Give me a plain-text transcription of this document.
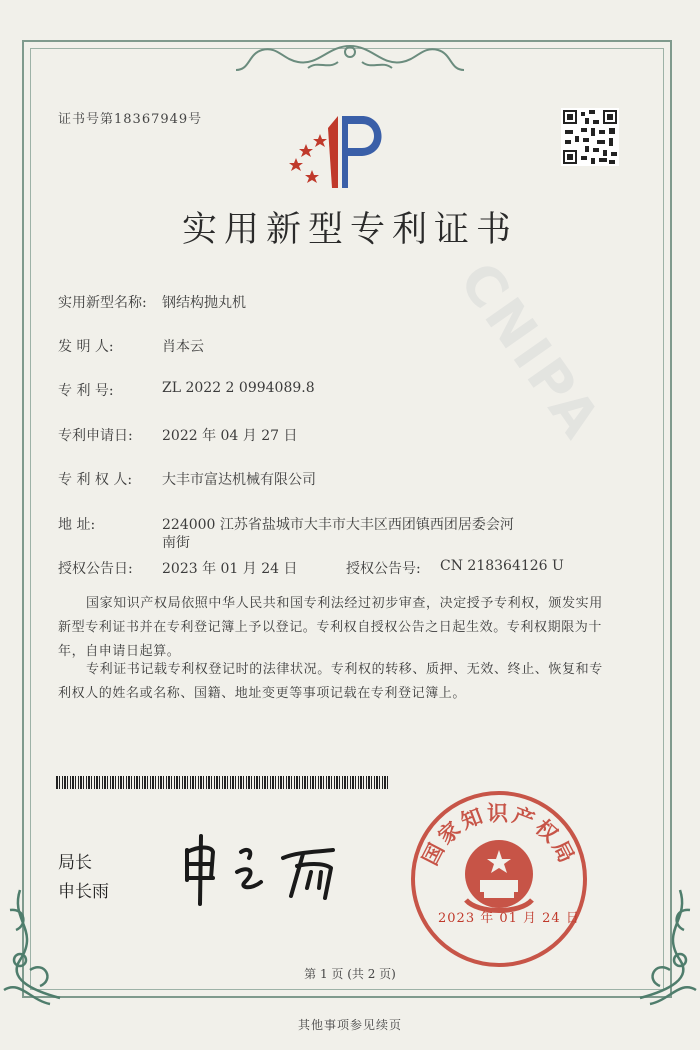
证书号第18367949号
CNIPA
实用新型专利证书
实用新型名称: 钢结构抛丸机
发 明 人:	肖本云
专 利 号:	ZL 2022 2 0994089.8
专利申请日: 2022 年 04 月 27 日
专 利 权 人: 大丰市富达机械有限公司
地 址:	224000 江苏省盐城市大丰市大丰区西团镇西团居委会河
南街
授权公告日: 2023 年 01 月 24 日	授权公告号: CN 218364126 U
国家知识产权局依照中华人民共和国专利法经过初步审查，决定授予专利权，颁发实用
新型专利证书并在专利登记簿上予以登记。专利权自授权公告之日起生效。专利权期限为十
年，自申请日起算。
专利证书记载专利权登记时的法律状况。专利权的转移、质押、无效、终止、恢复和专
利权人的姓名或名称、国籍、地址变更等事项记载在专利登记簿上。
局长
申长雨
国家知识产权局
2023 年 01 月 24 日
第 1 页 (共 2 页)
其他事项参见续页
